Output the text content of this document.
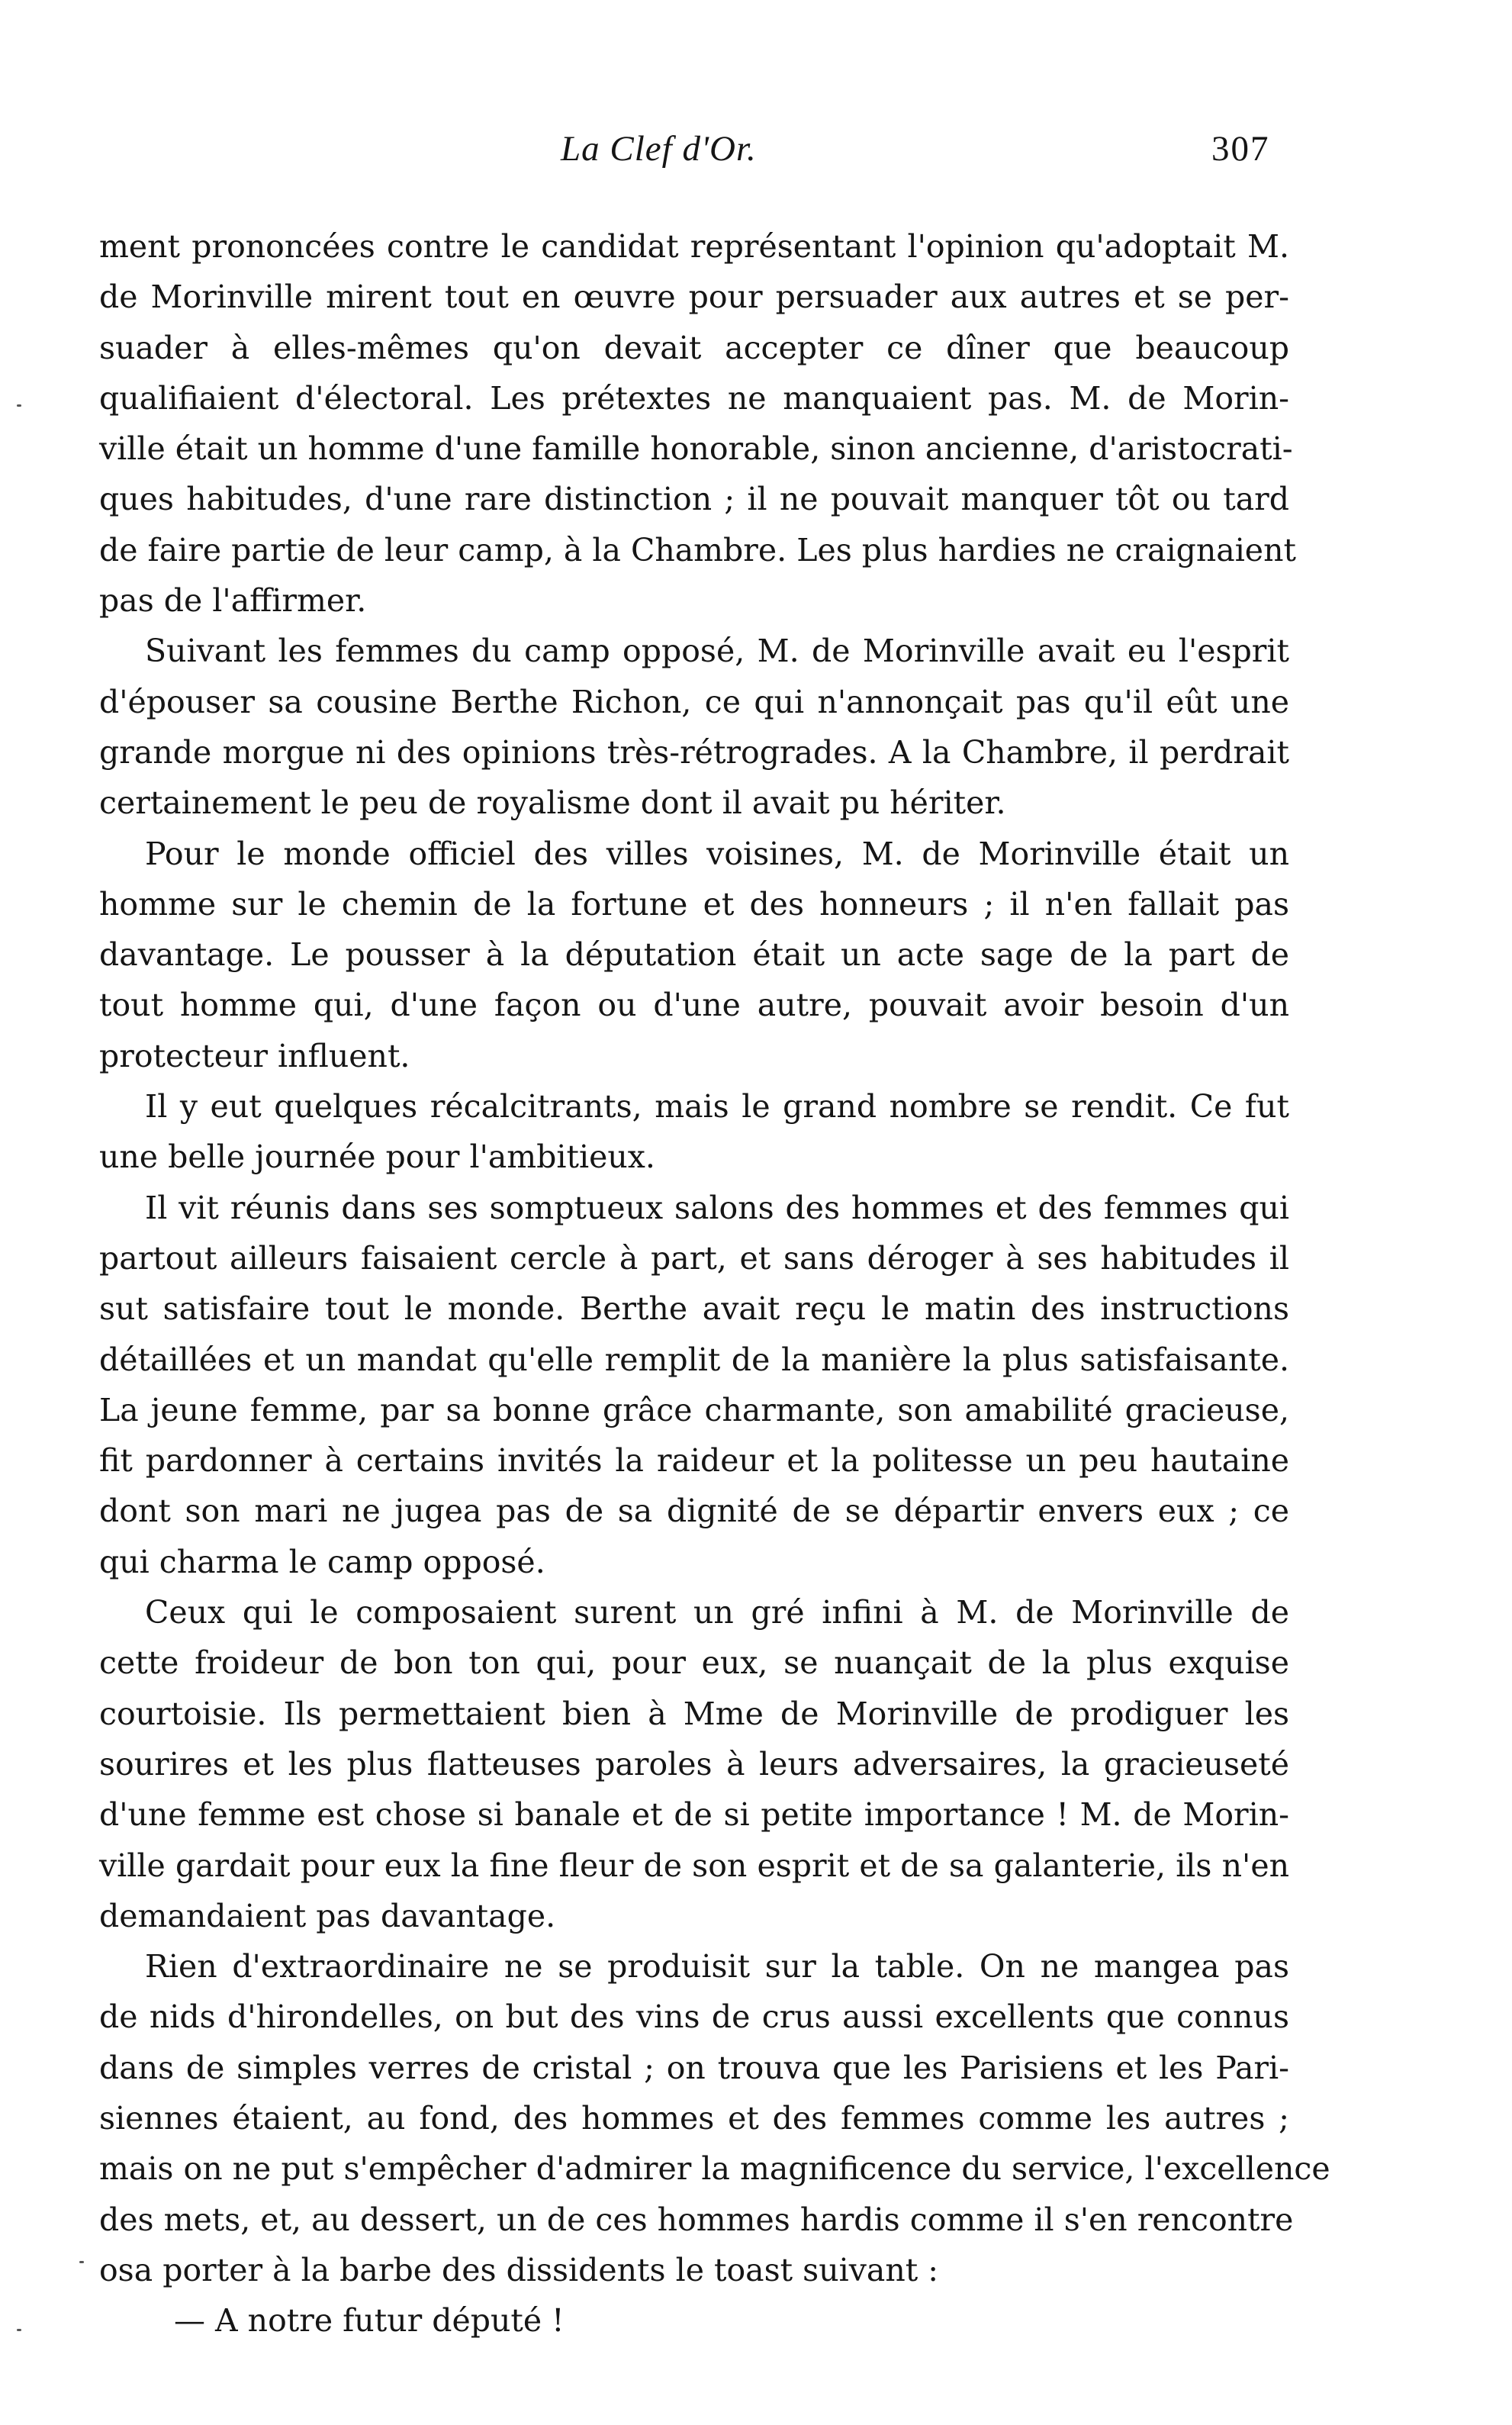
La Clef d'Or.	307
ment prononcées contre le candidat représentant l'opinion qu'adoptait M.
de Morinville mirent tout en œuvre pour persuader aux autres et se per-
suader à elles-mêmes qu'on devait accepter ce dîner que beaucoup
qualifiaient d'électoral. Les prétextes ne manquaient pas. M. de Morin-
ville était un homme d'une famille honorable, sinon ancienne, d'aristocrati-
ques habitudes, d'une rare distinction ; il ne pouvait manquer tôt ou tard
de faire partie de leur camp, à la Chambre. Les plus hardies ne craignaient
pas de l'affirmer.
Suivant les femmes du camp opposé, M. de Morinville avait eu l'esprit
d'épouser sa cousine Berthe Richon, ce qui n'annonçait pas qu'il eût une
grande morgue ni des opinions très-rétrogrades. A la Chambre, il perdrait
certainement le peu de royalisme dont il avait pu hériter.
Pour le monde officiel des villes voisines, M. de Morinville était un
homme sur le chemin de la fortune et des honneurs ; il n'en fallait pas
davantage. Le pousser à la députation était un acte sage de la part de
tout homme qui, d'une façon ou d'une autre, pouvait avoir besoin d'un
protecteur influent.
Il y eut quelques récalcitrants, mais le grand nombre se rendit. Ce fut
une belle journée pour l'ambitieux.
Il vit réunis dans ses somptueux salons des hommes et des femmes qui
partout ailleurs faisaient cercle à part, et sans déroger à ses habitudes il
sut satisfaire tout le monde. Berthe avait reçu le matin des instructions
détaillées et un mandat qu'elle remplit de la manière la plus satisfaisante.
La jeune femme, par sa bonne grâce charmante, son amabilité gracieuse,
fit pardonner à certains invités la raideur et la politesse un peu hautaine
dont son mari ne jugea pas de sa dignité de se départir envers eux ; ce
qui charma le camp opposé.
Ceux qui le composaient surent un gré infini à M. de Morinville de
cette froideur de bon ton qui, pour eux, se nuançait de la plus exquise
courtoisie. Ils permettaient bien à Mme de Morinville de prodiguer les
sourires et les plus flatteuses paroles à leurs adversaires, la gracieuseté
d'une femme est chose si banale et de si petite importance ! M. de Morin-
ville gardait pour eux la fine fleur de son esprit et de sa galanterie, ils n'en
demandaient pas davantage.
Rien d'extraordinaire ne se produisit sur la table. On ne mangea pas
de nids d'hirondelles, on but des vins de crus aussi excellents que connus
dans de simples verres de cristal ; on trouva que les Parisiens et les Pari-
siennes étaient, au fond, des hommes et des femmes comme les autres ;
mais on ne put s'empêcher d'admirer la magnificence du service, l'excellence
des mets, et, au dessert, un de ces hommes hardis comme il s'en rencontre
osa porter à la barbe des dissidents le toast suivant :
— A notre futur député !
